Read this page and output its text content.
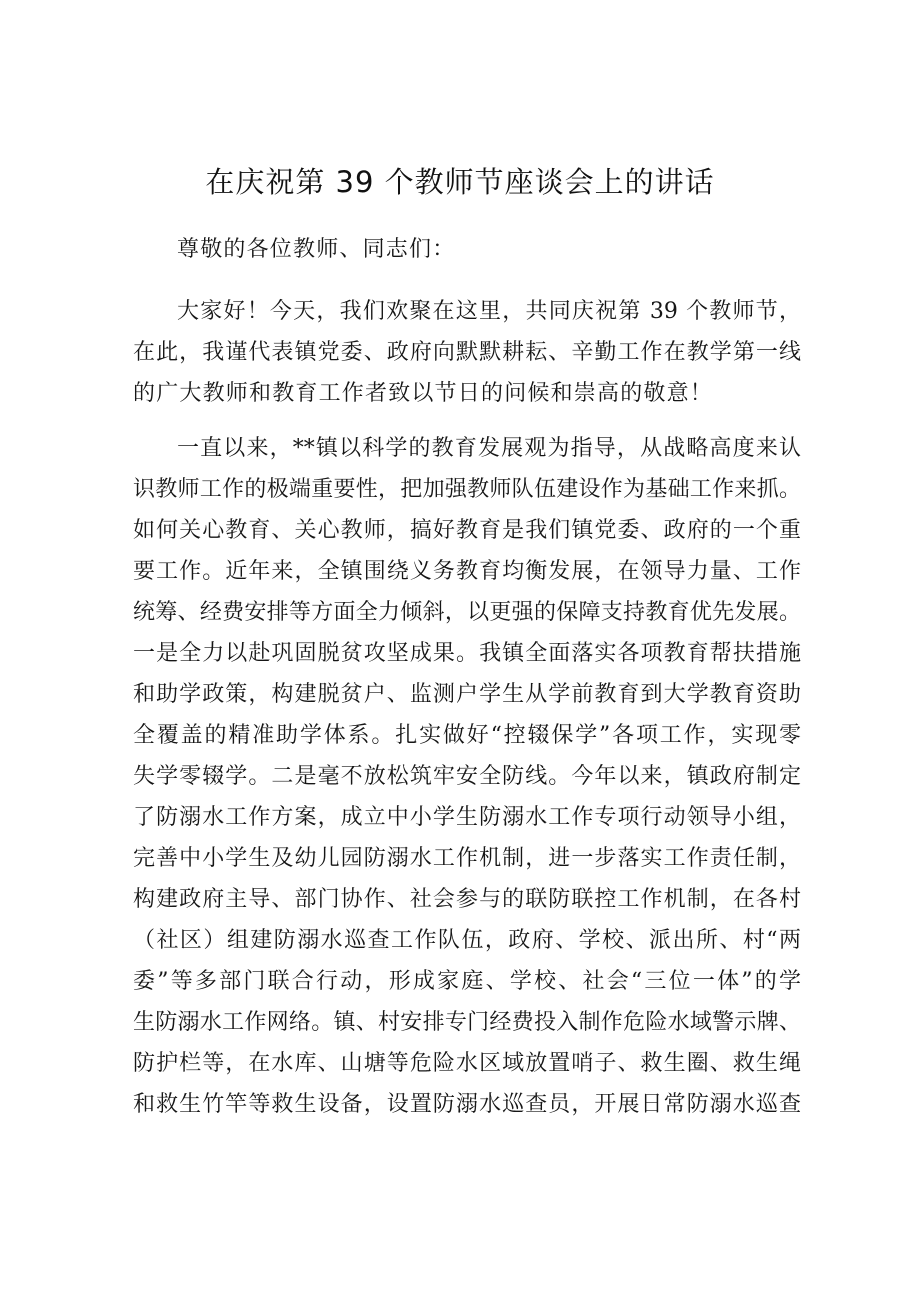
在庆祝第 39 个教师节座谈会上的讲话
尊敬的各位教师、同志们：
大家好！今天，我们欢聚在这里，共同庆祝第 39 个教师节，
在此，我谨代表镇党委、政府向默默耕耘、辛勤工作在教学第一线
的广大教师和教育工作者致以节日的问候和崇高的敬意！
一直以来，**镇以科学的教育发展观为指导，从战略高度来认
识教师工作的极端重要性，把加强教师队伍建设作为基础工作来抓。
如何关心教育、关心教师，搞好教育是我们镇党委、政府的一个重
要工作。近年来，全镇围绕义务教育均衡发展，在领导力量、工作
统筹、经费安排等方面全力倾斜，以更强的保障支持教育优先发展。
一是全力以赴巩固脱贫攻坚成果。我镇全面落实各项教育帮扶措施
和助学政策，构建脱贫户、监测户学生从学前教育到大学教育资助
全覆盖的精准助学体系。扎实做好“控辍保学”各项工作，实现零
失学零辍学。二是毫不放松筑牢安全防线。今年以来，镇政府制定
了防溺水工作方案，成立中小学生防溺水工作专项行动领导小组，
完善中小学生及幼儿园防溺水工作机制，进一步落实工作责任制，
构建政府主导、部门协作、社会参与的联防联控工作机制，在各村
（社区）组建防溺水巡查工作队伍，政府、学校、派出所、村“两
委”等多部门联合行动，形成家庭、学校、社会“三位一体”的学
生防溺水工作网络。镇、村安排专门经费投入制作危险水域警示牌、
防护栏等，在水库、山塘等危险水区域放置哨子、救生圈、救生绳
和救生竹竿等救生设备，设置防溺水巡查员，开展日常防溺水巡查
